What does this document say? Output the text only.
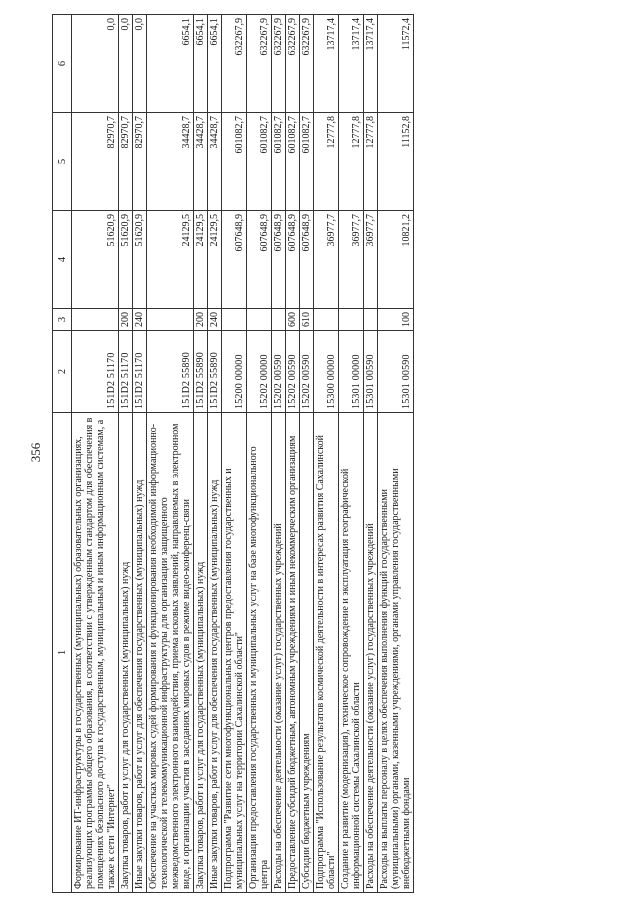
356
1	2	3	4	5	6
Формирование ИТ-инфраструктуры в государственных (муниципальных) образовательных организациях, реализующих программы общего образования, в соответствии с утвержденным стандартом для обеспечения в помещениях безопасного доступа к государственным, муниципальным и иным информационным системам, а также к сети "Интернет"	151D2 51170		51620,9	82970,7	0,0
Закупка товаров, работ и услуг для государственных (муниципальных) нужд	151D2 51170	200	51620,9	82970,7	0,0
Иные закупки товаров, работ и услуг для обеспечения государственных (муниципальных) нужд	151D2 51170	240	51620,9	82970,7	0,0
Обеспечение на участках мировых судей формирования и функционирования необходимой информационно-технологической и телекоммуникационной инфраструктуры для организации защищенного межведомственного электронного взаимодействия, приема исковых заявлений, направляемых в электронном виде, и организации участия в заседаниях мировых судов в режиме видео-конференц-связи	151D2 55890		24129,5	34428,7	6654,1
Закупка товаров, работ и услуг для государственных (муниципальных) нужд	151D2 55890	200	24129,5	34428,7	6654,1
Иные закупки товаров, работ и услуг для обеспечения государственных (муниципальных) нужд	151D2 55890	240	24129,5	34428,7	6654,1
Подпрограмма "Развитие сети многофункциональных центров предоставления государственных и муниципальных услуг на территории Сахалинской области"	15200 00000		607648,9	601082,7	632267,9
Организация предоставления государственных и муниципальных услуг на базе многофункционального центра	15202 00000		607648,9	601082,7	632267,9
Расходы на обеспечение деятельности (оказание услуг) государственных учреждений	15202 00590		607648,9	601082,7	632267,9
Предоставление субсидий бюджетным, автономным учреждениям и иным некоммерческим организациям	15202 00590	600	607648,9	601082,7	632267,9
Субсидии бюджетным учреждениям	15202 00590	610	607648,9	601082,7	632267,9
Подпрограмма "Использование результатов космической деятельности в интересах развития Сахалинской области"	15300 00000		36977,7	12777,8	13717,4
Создание и развитие (модернизация), техническое сопровождение и эксплуатация географической информационной системы Сахалинской области	15301 00000		36977,7	12777,8	13717,4
Расходы на обеспечение деятельности (оказание услуг) государственных учреждений	15301 00590		36977,7	12777,8	13717,4
Расходы на выплаты персоналу в целях обеспечения выполнения функций государственными (муниципальными) органами, казенными учреждениями, органами управления государственными внебюджетными фондами	15301 00590	100	10821,2	11152,8	11572,4
